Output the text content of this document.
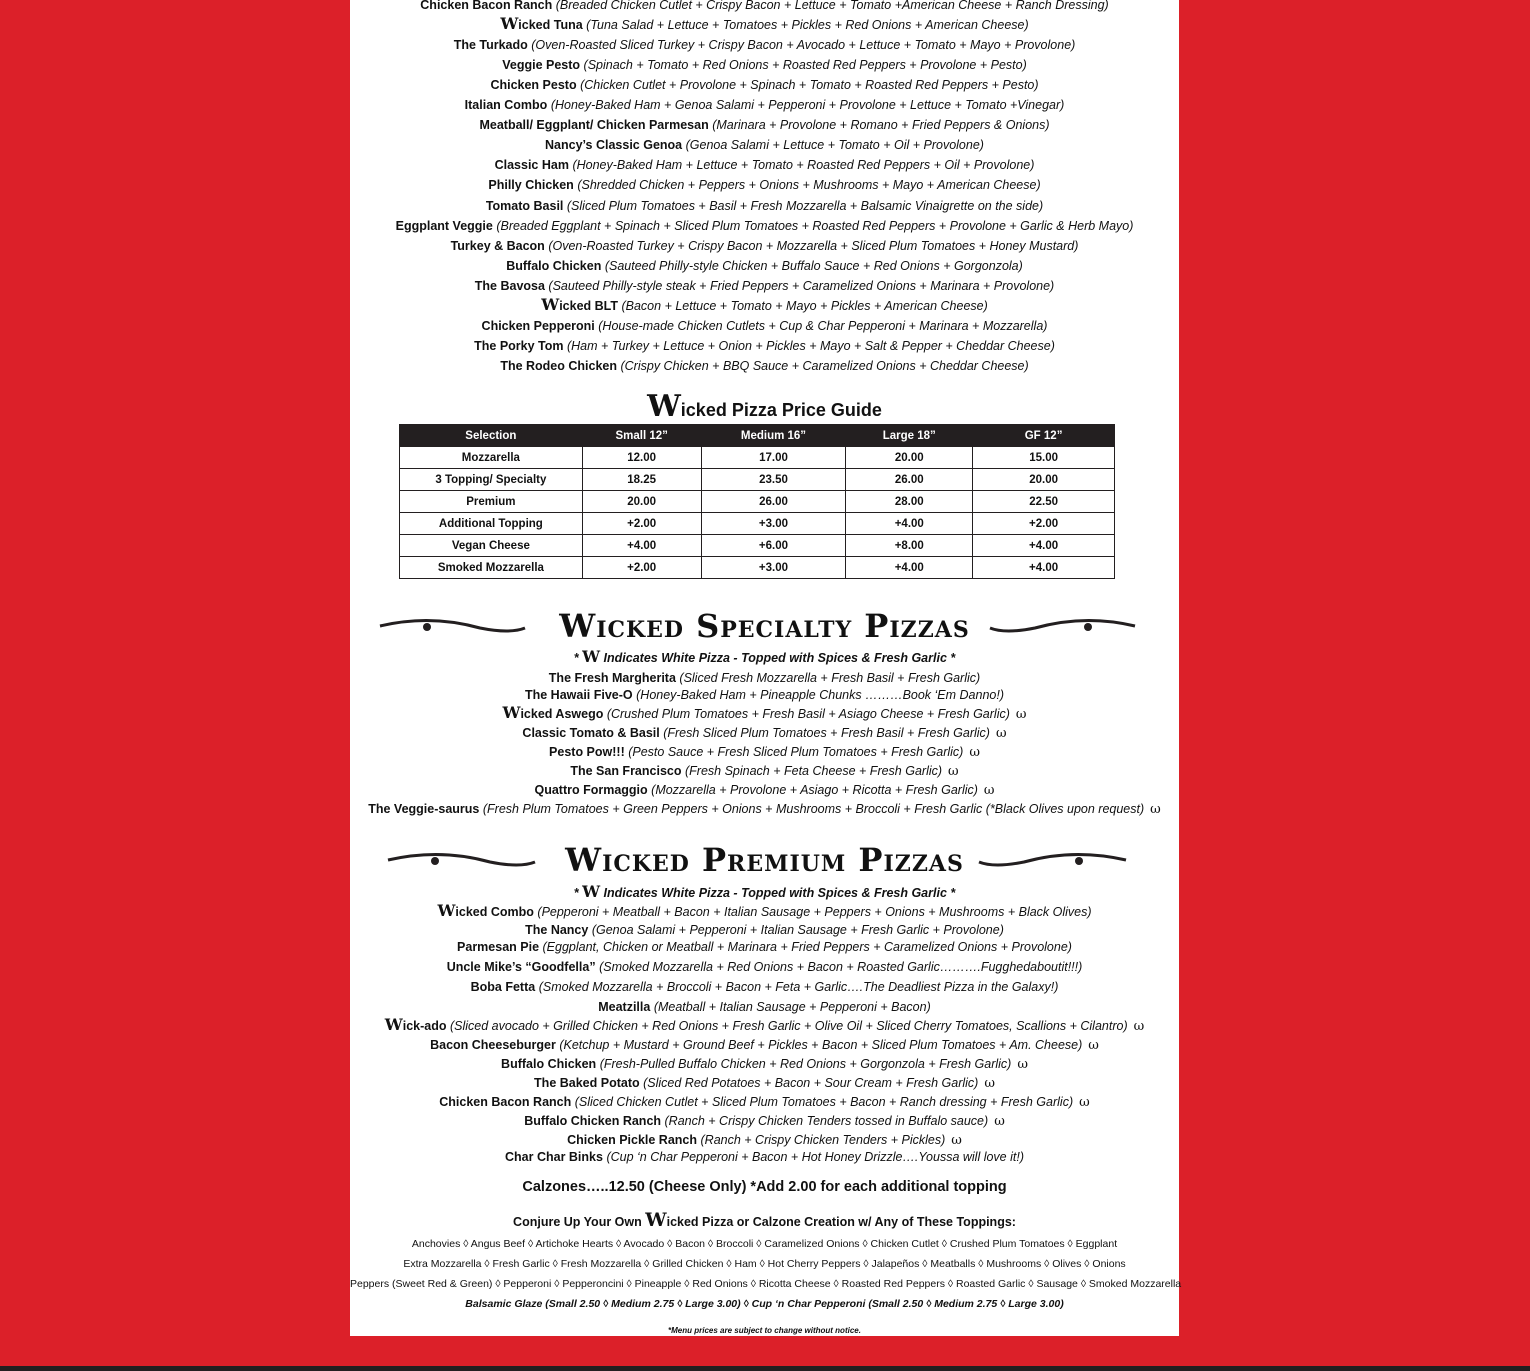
Chicken Bacon Ranch (Breaded Chicken Cutlet + Crispy Bacon + Lettuce + Tomato +American Cheese + Ranch Dressing)
Wicked Tuna (Tuna Salad + Lettuce + Tomatoes + Pickles + Red Onions + American Cheese)
The Turkado (Oven-Roasted Sliced Turkey + Crispy Bacon + Avocado + Lettuce + Tomato + Mayo + Provolone)
Veggie Pesto (Spinach + Tomato + Red Onions + Roasted Red Peppers + Provolone + Pesto)
Chicken Pesto (Chicken Cutlet + Provolone + Spinach + Tomato + Roasted Red Peppers + Pesto)
Italian Combo (Honey-Baked Ham + Genoa Salami + Pepperoni + Provolone + Lettuce + Tomato +Vinegar)
Meatball/ Eggplant/ Chicken Parmesan (Marinara + Provolone + Romano + Fried Peppers & Onions)
Nancy’s Classic Genoa (Genoa Salami + Lettuce + Tomato + Oil + Provolone)
Classic Ham (Honey-Baked Ham + Lettuce + Tomato + Roasted Red Peppers + Oil + Provolone)
Philly Chicken (Shredded Chicken + Peppers + Onions + Mushrooms + Mayo + American Cheese)
Tomato Basil (Sliced Plum Tomatoes + Basil + Fresh Mozzarella + Balsamic Vinaigrette on the side)
Eggplant Veggie (Breaded Eggplant + Spinach + Sliced Plum Tomatoes + Roasted Red Peppers + Provolone + Garlic & Herb Mayo)
Turkey & Bacon (Oven-Roasted Turkey + Crispy Bacon + Mozzarella + Sliced Plum Tomatoes + Honey Mustard)
Buffalo Chicken (Sauteed Philly-style Chicken + Buffalo Sauce + Red Onions + Gorgonzola)
The Bavosa (Sauteed Philly-style steak + Fried Peppers + Caramelized Onions + Marinara + Provolone)
Wicked BLT (Bacon + Lettuce + Tomato + Mayo + Pickles + American Cheese)
Chicken Pepperoni (House-made Chicken Cutlets + Cup & Char Pepperoni + Marinara + Mozzarella)
The Porky Tom (Ham + Turkey + Lettuce + Onion + Pickles + Mayo + Salt & Pepper + Cheddar Cheese)
The Rodeo Chicken (Crispy Chicken + BBQ Sauce + Caramelized Onions + Cheddar Cheese)
Wicked Pizza Price Guide
Selection	Small 12”	Medium 16”	Large 18”	GF 12”
Mozzarella	12.00	17.00	20.00	15.00
3 Topping/ Specialty	18.25	23.50	26.00	20.00
Premium	20.00	26.00	28.00	22.50
Additional Topping	+2.00	+3.00	+4.00	+2.00
Vegan Cheese	+4.00	+6.00	+8.00	+4.00
Smoked Mozzarella	+2.00	+3.00	+4.00	+4.00
Wicked Specialty Pizzas
* W Indicates White Pizza - Topped with Spices & Fresh Garlic *
The Fresh Margherita (Sliced Fresh Mozzarella + Fresh Basil + Fresh Garlic)
The Hawaii Five-O (Honey-Baked Ham + Pineapple Chunks ………Book ‘Em Danno!)
Wicked Aswego (Crushed Plum Tomatoes + Fresh Basil + Asiago Cheese + Fresh Garlic) ω
Classic Tomato & Basil (Fresh Sliced Plum Tomatoes + Fresh Basil + Fresh Garlic) ω
Pesto Pow!!! (Pesto Sauce + Fresh Sliced Plum Tomatoes + Fresh Garlic) ω
The San Francisco (Fresh Spinach + Feta Cheese + Fresh Garlic) ω
Quattro Formaggio (Mozzarella + Provolone + Asiago + Ricotta + Fresh Garlic) ω
The Veggie-saurus (Fresh Plum Tomatoes + Green Peppers + Onions + Mushrooms + Broccoli + Fresh Garlic (*Black Olives upon request) ω
Wicked Premium Pizzas
* W Indicates White Pizza - Topped with Spices & Fresh Garlic *
Wicked Combo (Pepperoni + Meatball + Bacon + Italian Sausage + Peppers + Onions + Mushrooms + Black Olives)
The Nancy (Genoa Salami + Pepperoni + Italian Sausage + Fresh Garlic + Provolone)
Parmesan Pie (Eggplant, Chicken or Meatball + Marinara + Fried Peppers + Caramelized Onions + Provolone)
Uncle Mike’s “Goodfella” (Smoked Mozzarella + Red Onions + Bacon + Roasted Garlic……….Fugghedaboutit!!!)
Boba Fetta (Smoked Mozzarella + Broccoli + Bacon + Feta + Garlic….The Deadliest Pizza in the Galaxy!)
Meatzilla (Meatball + Italian Sausage + Pepperoni + Bacon)
Wick-ado (Sliced avocado + Grilled Chicken + Red Onions + Fresh Garlic + Olive Oil + Sliced Cherry Tomatoes, Scallions + Cilantro) ω
Bacon Cheeseburger (Ketchup + Mustard + Ground Beef + Pickles + Bacon + Sliced Plum Tomatoes + Am. Cheese) ω
Buffalo Chicken (Fresh-Pulled Buffalo Chicken + Red Onions + Gorgonzola + Fresh Garlic) ω
The Baked Potato (Sliced Red Potatoes + Bacon + Sour Cream + Fresh Garlic) ω
Chicken Bacon Ranch (Sliced Chicken Cutlet + Sliced Plum Tomatoes + Bacon + Ranch dressing + Fresh Garlic) ω
Buffalo Chicken Ranch (Ranch + Crispy Chicken Tenders tossed in Buffalo sauce) ω
Chicken Pickle Ranch (Ranch + Crispy Chicken Tenders + Pickles) ω
Char Char Binks (Cup ‘n Char Pepperoni + Bacon + Hot Honey Drizzle….Youssa will love it!)
Calzones…..12.50 (Cheese Only) *Add 2.00 for each additional topping
Conjure Up Your Own Wicked Pizza or Calzone Creation w/ Any of These Toppings:
Anchovies ◊ Angus Beef ◊ Artichoke Hearts ◊ Avocado ◊ Bacon ◊ Broccoli ◊ Caramelized Onions ◊ Chicken Cutlet ◊ Crushed Plum Tomatoes ◊ Eggplant
Extra Mozzarella ◊ Fresh Garlic ◊ Fresh Mozzarella ◊ Grilled Chicken ◊ Ham ◊ Hot Cherry Peppers ◊ Jalapeños ◊ Meatballs ◊ Mushrooms ◊ Olives ◊ Onions
Peppers (Sweet Red & Green) ◊ Pepperoni ◊ Pepperoncini ◊ Pineapple ◊ Red Onions ◊ Ricotta Cheese ◊ Roasted Red Peppers ◊ Roasted Garlic ◊ Sausage ◊ Smoked Mozzarella
Balsamic Glaze (Small 2.50 ◊ Medium 2.75 ◊ Large 3.00) ◊ Cup ‘n Char Pepperoni (Small 2.50 ◊ Medium 2.75 ◊ Large 3.00)
*Menu prices are subject to change without notice.
